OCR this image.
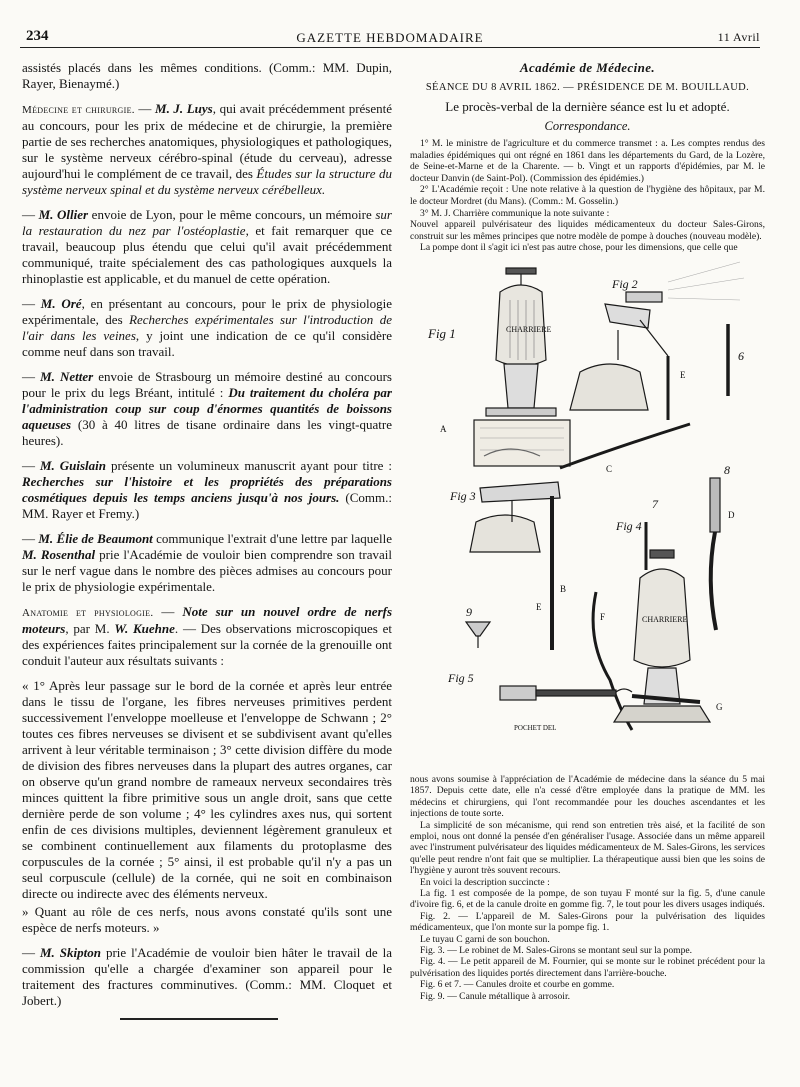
234	GAZETTE HEBDOMADAIRE	11 Avril

assistés placés dans les mêmes conditions. (Comm.: MM. Dupin, Rayer, Bienaymé.)

Médecine et chirurgie. — M. J. Luys, qui avait précédemment présenté au concours, pour les prix de médecine et de chirurgie, la première partie de ses recherches anatomiques, physiologiques et pathologiques, sur le système nerveux cérébro-spinal (étude du cerveau), adresse aujourd'hui le complément de ce travail, des Études sur la structure du système nerveux spinal et du système nerveux cérébelleux.

— M. Ollier envoie de Lyon, pour le même concours, un mémoire sur la restauration du nez par l'ostéoplastie, et fait remarquer que ce travail, beaucoup plus étendu que celui qu'il avait précédemment communiqué, traite spécialement des cas pathologiques auxquels la rhinoplastie est applicable, et du manuel de cette opération.

— M. Oré, en présentant au concours, pour le prix de physiologie expérimentale, des Recherches expérimentales sur l'introduction de l'air dans les veines, y joint une indication de ce qu'il considère comme neuf dans son travail.

— M. Netter envoie de Strasbourg un mémoire destiné au concours pour le prix du legs Bréant, intitulé : Du traitement du choléra par l'administration coup sur coup d'énormes quantités de boissons aqueuses (30 à 40 litres de tisane ordinaire dans les vingt-quatre heures).

— M. Guislain présente un volumineux manuscrit ayant pour titre : Recherches sur l'histoire et les propriétés des préparations cosmétiques depuis les temps anciens jusqu'à nos jours. (Comm.: MM. Rayer et Fremy.)

— M. Élie de Beaumont communique l'extrait d'une lettre par laquelle M. Rosenthal prie l'Académie de vouloir bien comprendre son travail sur le nerf vague dans le nombre des pièces admises au concours pour le prix de physiologie expérimentale.

Anatomie et physiologie. — Note sur un nouvel ordre de nerfs moteurs, par M. W. Kuehne. — Des observations microscopiques et des expériences faites principalement sur la cornée de la grenouille ont conduit l'auteur aux résultats suivants :

« 1° Après leur passage sur le bord de la cornée et après leur entrée dans le tissu de l'organe, les fibres nerveuses primitives perdent successivement l'enveloppe moelleuse et l'enveloppe de Schwann ; 2° toutes ces fibres nerveuses se divisent et se subdivisent avant qu'elles arrivent à leur véritable terminaison ; 3° cette division diffère du mode de division des fibres nerveuses dans la plupart des autres organes, car on observe qu'un grand nombre de rameaux nerveux secondaires très minces quittent la fibre primitive sous un angle droit, sans que cette dernière perde de son volume ; 4° les cylindres axes nus, qui sortent enfin de ces divisions multiples, deviennent légèrement granuleux et se combinent continuellement aux filaments du protoplasme des corpuscules de la cornée ; 5° ainsi, il est probable qu'il n'y a pas un seul corpuscule (cellule) de la cornée, qui ne soit en combinaison directe ou indirecte avec des éléments nerveux.

» Quant au rôle de ces nerfs, nous avons constaté qu'ils sont une espèce de nerfs moteurs. »

— M. Skipton prie l'Académie de vouloir bien hâter le travail de la commission qu'elle a chargée d'examiner son appareil pour le traitement des fractures comminutives. (Comm.: MM. Cloquet et Jobert.)

Académie de Médecine.
SÉANCE DU 8 AVRIL 1862. — PRÉSIDENCE DE M. BOUILLAUD.
Le procès-verbal de la dernière séance est lu et adopté.
Correspondance.

1° M. le ministre de l'agriculture et du commerce transmet : a. Les comptes rendus des maladies épidémiques qui ont régné en 1861 dans les départements du Gard, de la Lozère, de Seine-et-Marne et de la Charente. — b. Vingt et un rapports d'épidémies, par M. le docteur Danvin (de Saint-Pol). (Commission des épidémies.)

2° L'Académie reçoit : Une note relative à la question de l'hygiène des hôpitaux, par M. le docteur Mordret (du Mans). (Comm.: M. Gosselin.)

3° M. J. Charrière communique la note suivante :

Nouvel appareil pulvérisateur des liquides médicamenteux du docteur Sales-Girons, construit sur les mêmes principes que notre modèle de pompe à douches (nouveau modèle).

La pompe dont il s'agit ici n'est pas autre chose, pour les dimensions, que celle que

Fig 1
Fig 2
Fig 3
Fig 4
Fig 5
CHARRIERE
CHARRIERE
A
B
C
D
E
E
F
G
6
7
8
9
POCHET DEL

nous avons soumise à l'appréciation de l'Académie de médecine dans la séance du 5 mai 1857. Depuis cette date, elle n'a cessé d'être employée dans la pratique de MM. les médecins et chirurgiens, qui l'ont recommandée pour les douches ascendantes et les injections de toute sorte.

La simplicité de son mécanisme, qui rend son entretien très aisé, et la facilité de son emploi, nous ont donné la pensée d'en généraliser l'usage. Associée dans un même appareil avec l'instrument pulvérisateur des liquides médicamenteux de M. Sales-Girons, les services qu'elle peut rendre n'ont fait que se multiplier. La thérapeutique aussi bien que les soins de l'hygiène y auront très souvent recours.

En voici la description succincte :

La fig. 1 est composée de la pompe, de son tuyau F monté sur la fig. 5, d'une canule d'ivoire fig. 6, et de la canule droite en gomme fig. 7, le tout pour les divers usages indiqués.

Fig. 2. — L'appareil de M. Sales-Girons pour la pulvérisation des liquides médicamenteux, que l'on monte sur la pompe fig. 1.

Le tuyau C garni de son bouchon.

Fig. 3. — Le robinet de M. Sales-Girons se montant seul sur la pompe.

Fig. 4. — Le petit appareil de M. Fournier, qui se monte sur le robinet précédent pour la pulvérisation des liquides portés directement dans l'arrière-bouche.

Fig. 6 et 7. — Canules droite et courbe en gomme.

Fig. 9. — Canule métallique à arrosoir.
